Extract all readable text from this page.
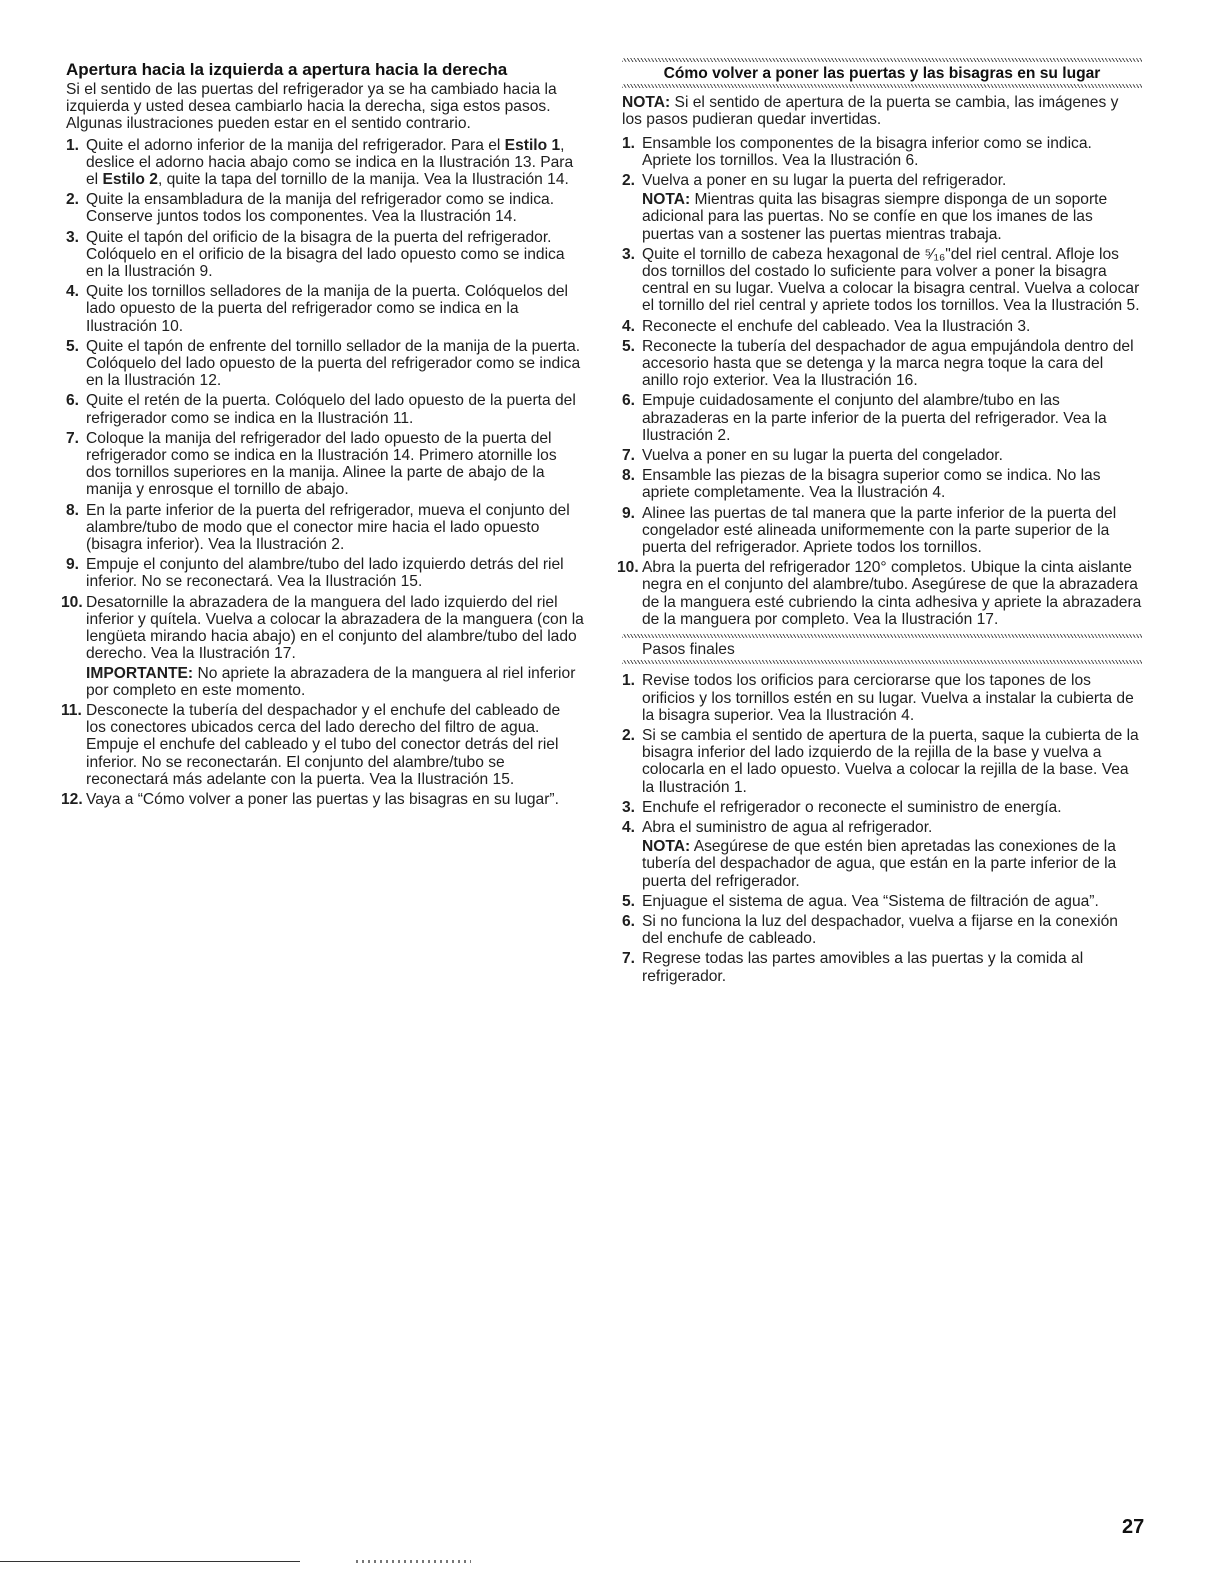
Apertura hacia la izquierda a apertura hacia la derecha

Si el sentido de las puertas del refrigerador ya se ha cambiado hacia la izquierda y usted desea cambiarlo hacia la derecha, siga estos pasos. Algunas ilustraciones pueden estar en el sentido contrario.

1. Quite el adorno inferior de la manija del refrigerador. Para el Estilo 1, deslice el adorno hacia abajo como se indica en la Ilustración 13. Para el Estilo 2, quite la tapa del tornillo de la manija. Vea la Ilustración 14.
2. Quite la ensambladura de la manija del refrigerador como se indica. Conserve juntos todos los componentes. Vea la Ilustración 14.
3. Quite el tapón del orificio de la bisagra de la puerta del refrigerador. Colóquelo en el orificio de la bisagra del lado opuesto como se indica en la Ilustración 9.
4. Quite los tornillos selladores de la manija de la puerta. Colóquelos del lado opuesto de la puerta del refrigerador como se indica en la Ilustración 10.
5. Quite el tapón de enfrente del tornillo sellador de la manija de la puerta. Colóquelo del lado opuesto de la puerta del refrigerador como se indica en la Ilustración 12.
6. Quite el retén de la puerta. Colóquelo del lado opuesto de la puerta del refrigerador como se indica en la Ilustración 11.
7. Coloque la manija del refrigerador del lado opuesto de la puerta del refrigerador como se indica en la Ilustración 14. Primero atornille los dos tornillos superiores en la manija. Alinee la parte de abajo de la manija y enrosque el tornillo de abajo.
8. En la parte inferior de la puerta del refrigerador, mueva el conjunto del alambre/tubo de modo que el conector mire hacia el lado opuesto (bisagra inferior). Vea la Ilustración 2.
9. Empuje el conjunto del alambre/tubo del lado izquierdo detrás del riel inferior. No se reconectará. Vea la Ilustración 15.
10. Desatornille la abrazadera de la manguera del lado izquierdo del riel inferior y quítela. Vuelva a colocar la abrazadera de la manguera (con la lengüeta mirando hacia abajo) en el conjunto del alambre/tubo del lado derecho. Vea la Ilustración 17.

IMPORTANTE: No apriete la abrazadera de la manguera al riel inferior por completo en este momento.

11. Desconecte la tubería del despachador y el enchufe del cableado de los conectores ubicados cerca del lado derecho del filtro de agua. Empuje el enchufe del cableado y el tubo del conector detrás del riel inferior. No se reconectarán. El conjunto del alambre/tubo se reconectará más adelante con la puerta. Vea la Ilustración 15.
12. Vaya a “Cómo volver a poner las puertas y las bisagras en su lugar”.
Cómo volver a poner las puertas y las bisagras en su lugar

NOTA: Si el sentido de apertura de la puerta se cambia, las imágenes y los pasos pudieran quedar invertidas.

1. Ensamble los componentes de la bisagra inferior como se indica. Apriete los tornillos. Vea la Ilustración 6.
2. Vuelva a poner en su lugar la puerta del refrigerador.

NOTA: Mientras quita las bisagras siempre disponga de un soporte adicional para las puertas. No se confíe en que los imanes de las puertas van a sostener las puertas mientras trabaja.

3. Quite el tornillo de cabeza hexagonal de ⁵⁄₁₆"del riel central. Afloje los dos tornillos del costado lo suficiente para volver a poner la bisagra central en su lugar. Vuelva a colocar la bisagra central. Vuelva a colocar el tornillo del riel central y apriete todos los tornillos. Vea la Ilustración 5.
4. Reconecte el enchufe del cableado. Vea la Ilustración 3.
5. Reconecte la tubería del despachador de agua empujándola dentro del accesorio hasta que se detenga y la marca negra toque la cara del anillo rojo exterior. Vea la Ilustración 16.
6. Empuje cuidadosamente el conjunto del alambre/tubo en las abrazaderas en la parte inferior de la puerta del refrigerador. Vea la Ilustración 2.
7. Vuelva a poner en su lugar la puerta del congelador.
8. Ensamble las piezas de la bisagra superior como se indica. No las apriete completamente. Vea la Ilustración 4.
9. Alinee las puertas de tal manera que la parte inferior de la puerta del congelador esté alineada uniformemente con la parte superior de la puerta del refrigerador. Apriete todos los tornillos.
10. Abra la puerta del refrigerador 120° completos. Ubique la cinta aislante negra en el conjunto del alambre/tubo. Asegúrese de que la abrazadera de la manguera esté cubriendo la cinta adhesiva y apriete la abrazadera de la manguera por completo. Vea la Ilustración 17.
Pasos finales
1. Revise todos los orificios para cerciorarse que los tapones de los orificios y los tornillos estén en su lugar. Vuelva a instalar la cubierta de la bisagra superior. Vea la Ilustración 4.
2. Si se cambia el sentido de apertura de la puerta, saque la cubierta de la bisagra inferior del lado izquierdo de la rejilla de la base y vuelva a colocarla en el lado opuesto. Vuelva a colocar la rejilla de la base. Vea la Ilustración 1.
3. Enchufe el refrigerador o reconecte el suministro de energía.
4. Abra el suministro de agua al refrigerador.

NOTA: Asegúrese de que estén bien apretadas las conexiones de la tubería del despachador de agua, que están en la parte inferior de la puerta del refrigerador.

5. Enjuague el sistema de agua. Vea “Sistema de filtración de agua”.
6. Si no funciona la luz del despachador, vuelva a fijarse en la conexión del enchufe de cableado.
7. Regrese todas las partes amovibles a las puertas y la comida al refrigerador.
27
